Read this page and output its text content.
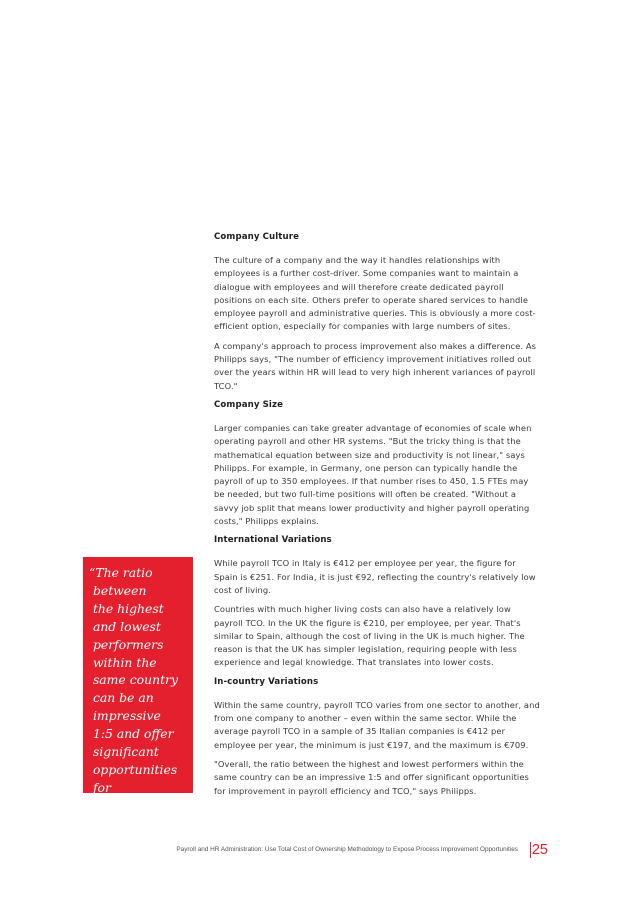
Company Culture

The culture of a company and the way it handles relationships with employees is a further cost-driver. Some companies want to maintain a dialogue with employees and will therefore create dedicated payroll positions on each site. Others prefer to operate shared services to handle employee payroll and administrative queries. This is obviously a more cost-efficient option, especially for companies with large numbers of sites.

A company's approach to process improvement also makes a difference. As Philipps says, "The number of efficiency improvement initiatives rolled out over the years within HR will lead to very high inherent variances of payroll TCO."

Company Size

Larger companies can take greater advantage of economies of scale when operating payroll and other HR systems. "But the tricky thing is that the mathematical equation between size and productivity is not linear," says Philipps. For example, in Germany, one person can typically handle the payroll of up to 350 employees. If that number rises to 450, 1.5 FTEs may be needed, but two full-time positions will often be created. "Without a savvy job split that means lower productivity and higher payroll operating costs," Philipps explains.

International Variations

While payroll TCO in Italy is €412 per employee per year, the figure for Spain is €251. For India, it is just €92, reflecting the country's relatively low cost of living.

Countries with much higher living costs can also have a relatively low payroll TCO. In the UK the figure is €210, per employee, per year. That's similar to Spain, although the cost of living in the UK is much higher. The reason is that the UK has simpler legislation, requiring people with less experience and legal knowledge. That translates into lower costs.

In-country Variations

Within the same country, payroll TCO varies from one sector to another, and from one company to another – even within the same sector. While the average payroll TCO in a sample of 35 Italian companies is €412 per employee per year, the minimum is just €197, and the maximum is €709.

"Overall, the ratio between the highest and lowest performers within the same country can be an impressive 1:5 and offer significant opportunities for improvement in payroll efficiency and TCO," says Philipps.

“The ratio
between
the highest
and lowest
performers
within the
same country
can be an
impressive
1:5 and offer
significant
opportunities
for
improvement.”
Payroll and HR Administration: Use Total Cost of Ownership Methodology to Expose Process Improvement Opportunities 25
